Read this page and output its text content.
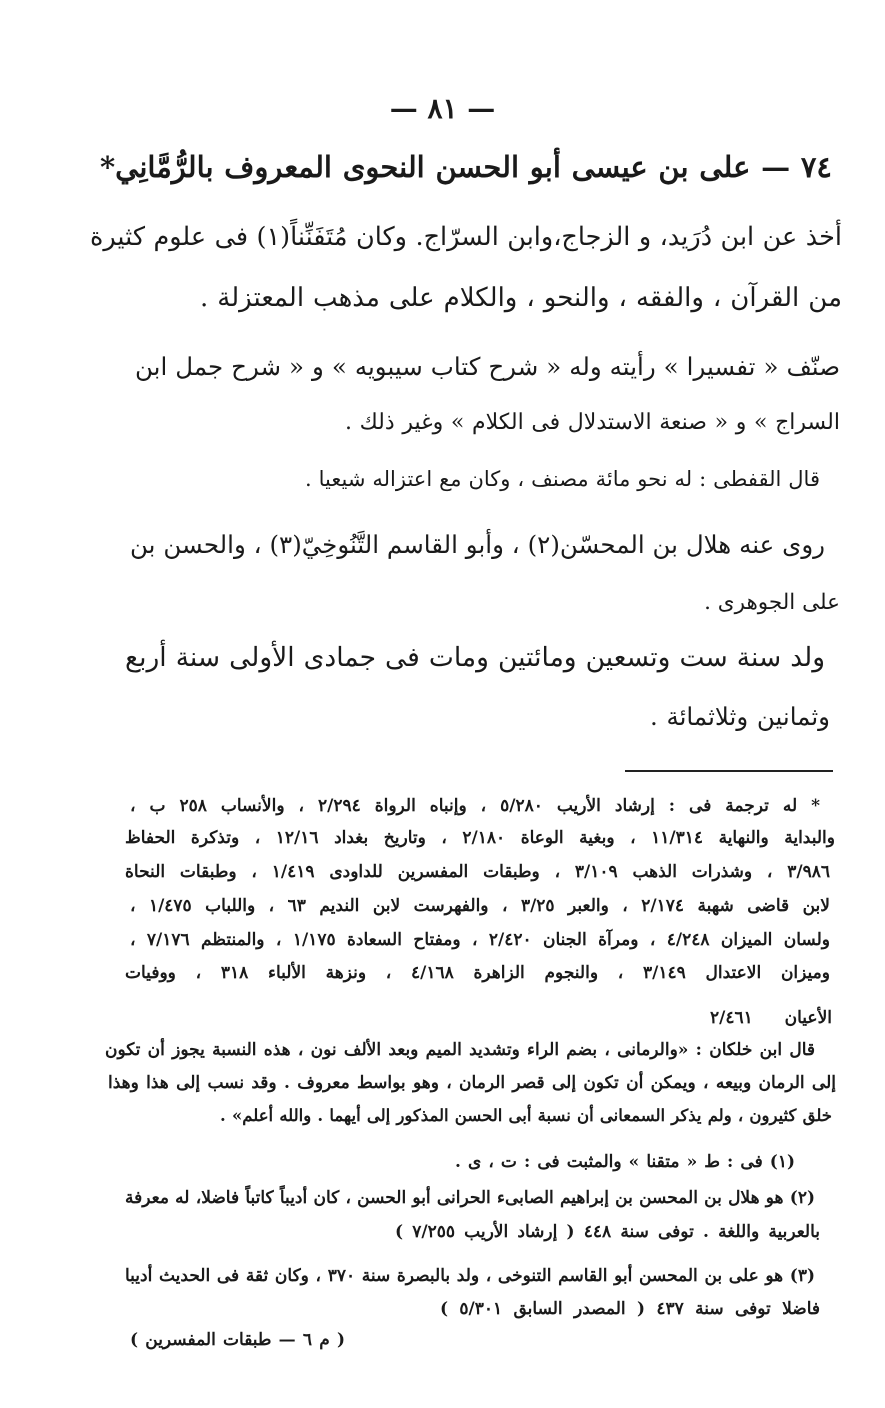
— ٨١ —
٧٤ — على بن عيسى أبو الحسن النحوى المعروف بالرُّمَّانِي*
أخذ عن ابن دُرَيد، و الزجاج،وابن السرّاج. وكان مُتَفَنِّناً(١) فى علوم كثيرة
من القرآن ، والفقه ، والنحو ، والكلام على مذهب المعتزلة .
صنّف « تفسيرا » رأيته وله « شرح كتاب سيبويه » و « شرح جمل ابن
السراج » و « صنعة الاستدلال فى الكلام » وغير ذلك .
قال القفطى : له نحو مائة مصنف ، وكان مع اعتزاله شيعيا .
روى عنه هلال بن المحسّن(٢) ، وأبو القاسم التَّنُوخِيّ(٣) ، والحسن بن
على الجوهرى .
ولد سنة ست وتسعين ومائتين ومات فى جمادى الأولى سنة أربع
وثمانين وثلاثمائة .
* له ترجمة فى : إرشاد الأريب ٥/٢٨٠ ، وإنباه الرواة ٢/٢٩٤ ، والأنساب ٢٥٨ ب ،
والبداية والنهاية ١١/٣١٤ ، وبغية الوعاة ٢/١٨٠ ، وتاريخ بغداد ١٢/١٦ ، وتذكرة الحفاظ
٣/٩٨٦ ، وشذرات الذهب ٣/١٠٩ ، وطبقات المفسرين للداودى ١/٤١٩ ، وطبقات النحاة
لابن قاضى شهبة ٢/١٧٤ ، والعبر ٣/٢٥ ، والفهرست لابن النديم ٦٣ ، واللباب ١/٤٧٥ ،
ولسان الميزان ٤/٢٤٨ ، ومرآة الجنان ٢/٤٢٠ ، ومفتاح السعادة ١/١٧٥ ، والمنتظم ٧/١٧٦ ،
وميزان الاعتدال ٣/١٤٩ ، والنجوم الزاهرة ٤/١٦٨ ، ونزهة الألباء ٣١٨ ، ووفيات
الأعيان ٢/٤٦١
قال ابن خلكان : «والرمانى ، بضم الراء وتشديد الميم وبعد الألف نون ، هذه النسبة يجوز أن تكون
إلى الرمان وبيعه ، ويمكن أن تكون إلى قصر الرمان ، وهو بواسط معروف . وقد نسب إلى هذا وهذا
خلق كثيرون ، ولم يذكر السمعانى أن نسبة أبى الحسن المذكور إلى أيهما . والله أعلم» .
(١) فى : ط « متقنا » والمثبت فى : ت ، ى .
(٢) هو هلال بن المحسن بن إبراهيم الصابىء الحرانى أبو الحسن ، كان أديباً كاتباً فاضلا، له معرفة
بالعربية واللغة . توفى سنة ٤٤٨ ( إرشاد الأريب ٧/٢٥٥ )
(٣) هو على بن المحسن أبو القاسم التنوخى ، ولد بالبصرة سنة ٣٧٠ ، وكان ثقة فى الحديث أديبا
فاضلا توفى سنة ٤٣٧ ( المصدر السابق ٥/٣٠١ )
( م ٦ — طبقات المفسرين )
